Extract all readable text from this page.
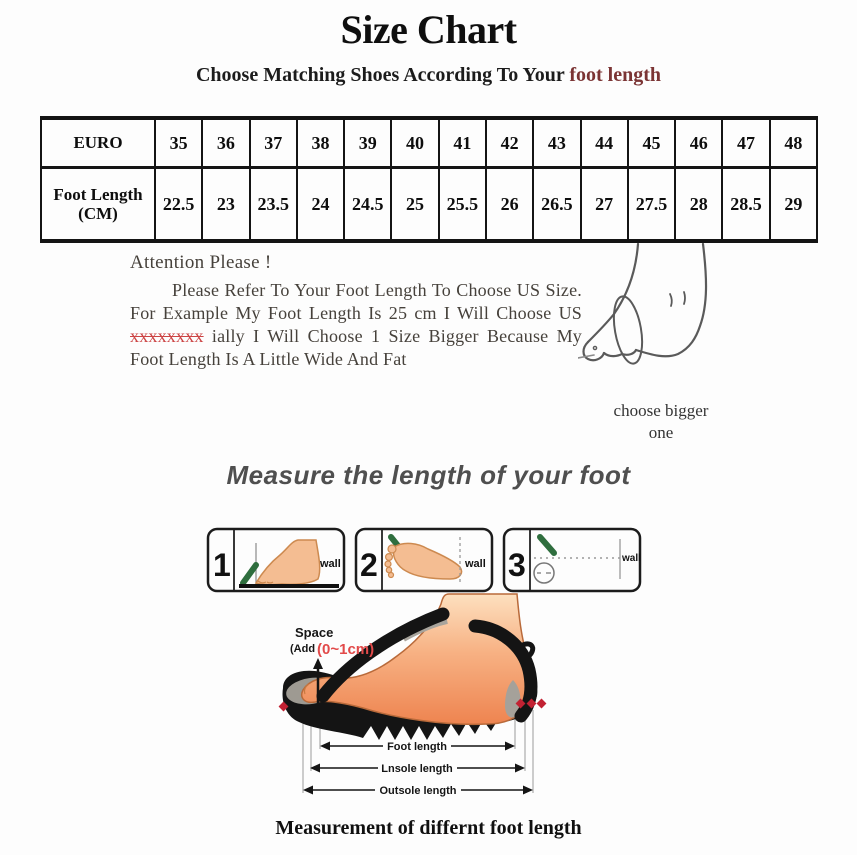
Size Chart
Choose Matching Shoes According To Your foot length
EURO	35	36	37	38	39	40	41	42	43	44	45	46	47	48
Foot Length (CM)	22.5	23	23.5	24	24.5	25	25.5	26	26.5	27	27.5	28	28.5	29
Attention Please !

Please Refer To Your Foot Length To Choose US Size. For Example My Foot Length Is 25 cm I Will Choose US xxxxxxxx ially I Will Choose 1 Size Bigger Because My Foot Length Is A Little Wide And Fat

choose bigger one
Measure the length of your foot
1	wall 2	wall 3	wall
Space
(Add (0~1cm)
Foot length
Lnsole length
Outsole length
Measurement of differnt foot length
